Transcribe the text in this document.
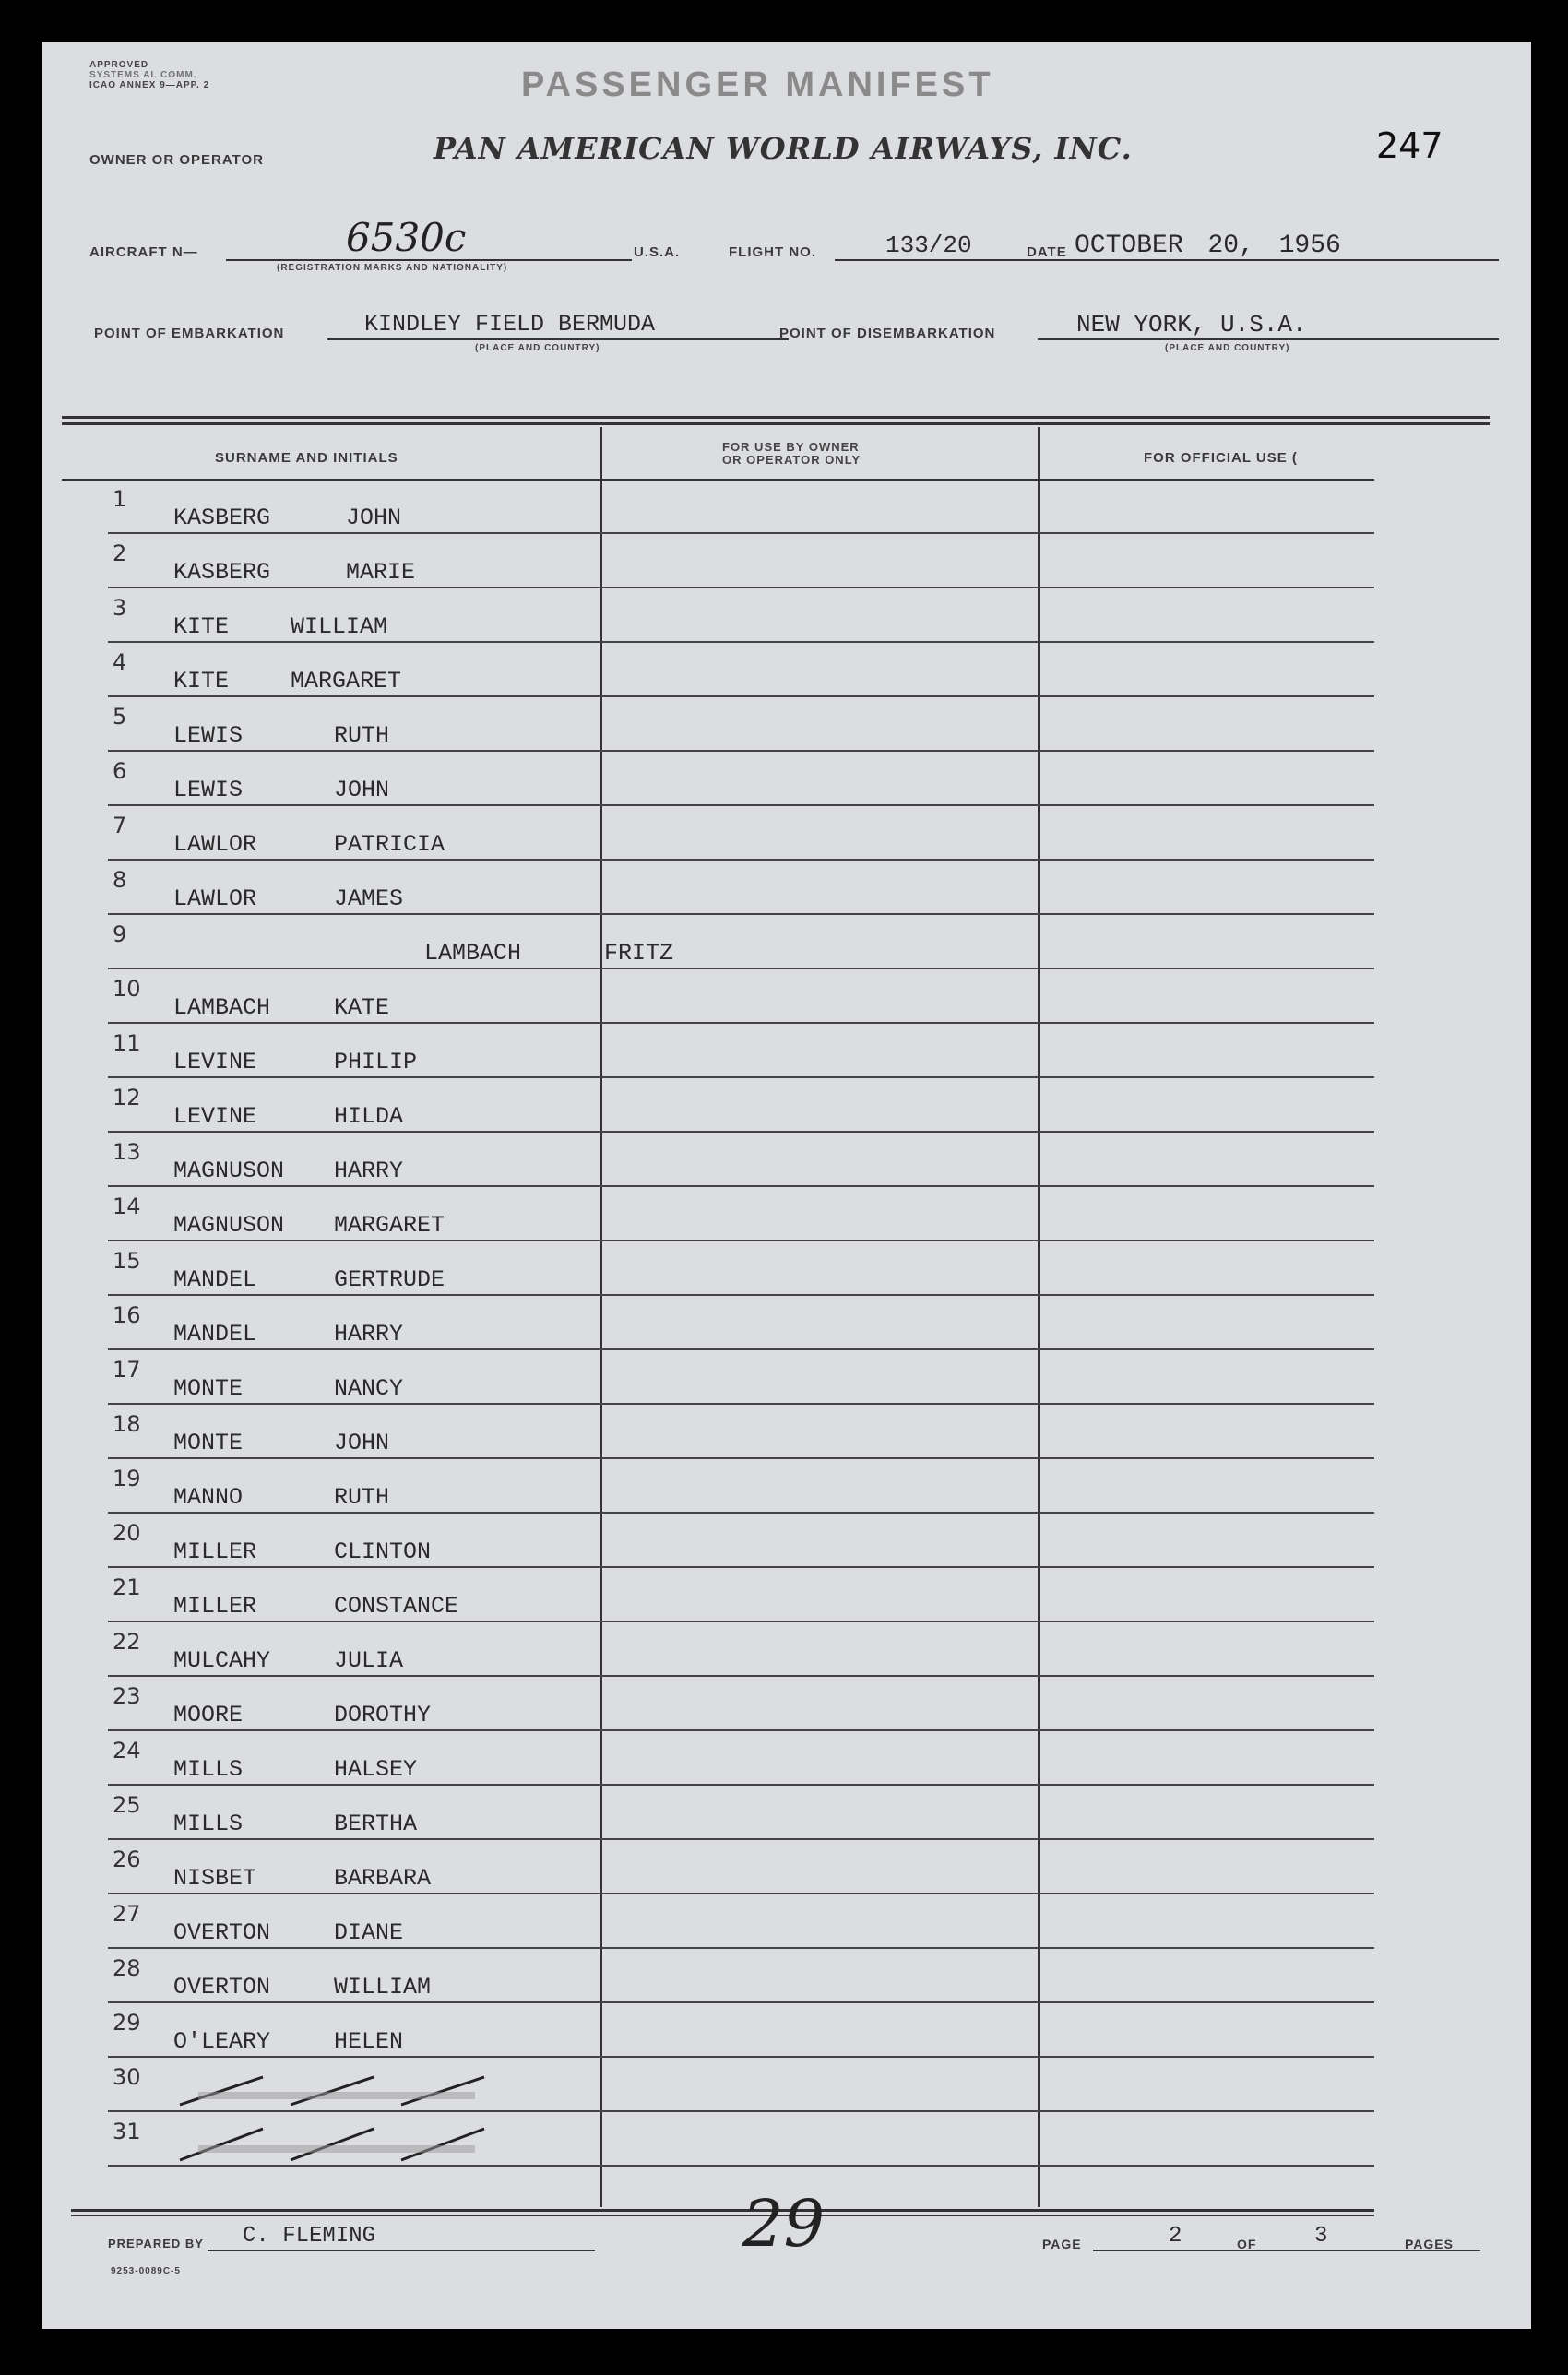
APPROVED
SYSTEMS AL COMM.
ICAO ANNEX 9—APP. 2	PASSENGER MANIFEST
OWNER OR OPERATOR	PAN AMERICAN WORLD AIRWAYS, INC.	247
AIRCRAFT N—	6530c
(REGISTRATION MARKS AND NATIONALITY)
U.S.A.	FLIGHT NO.	133/20	DATE OCTOBER 20, 1956
POINT OF EMBARKATION	KINDLEY FIELD BERMUDA
(PLACE AND COUNTRY)
POINT OF DISEMBARKATION	NEW YORK, U.S.A.
(PLACE AND COUNTRY)
SURNAME AND INITIALS
FOR USE BY OWNER
OR OPERATOR ONLY	FOR OFFICIAL USE (
1
KASBERG	JOHN
2
KASBERG	MARIE
3
KITE	WILLIAM
4
KITE	MARGARET
5
LEWIS	RUTH
6
LEWIS	JOHN
7
LAWLOR	PATRICIA
8
LAWLOR	JAMES
9
LAMBACH	FRITZ
10
LAMBACH	KATE
11
LEVINE	PHILIP
12
LEVINE	HILDA
13
MAGNUSON HARRY
14
MAGNUSON MARGARET
15
MANDEL	GERTRUDE
16
MANDEL	HARRY
17
MONTE	NANCY
18
MONTE	JOHN
19
MANNO	RUTH
20
MILLER	CLINTON
21
MILLER	CONSTANCE
22
MULCAHY	JULIA
23
MOORE	DOROTHY
24
MILLS	HALSEY
25
MILLS	BERTHA
26
NISBET	BARBARA
27
OVERTON	DIANE
28
OVERTON	WILLIAM
29
O'LEARY	HELEN
30
31
PREPARED BY C. FLEMING	29	PAGE	2	OF	3	PAGES
9253-0089C-5
